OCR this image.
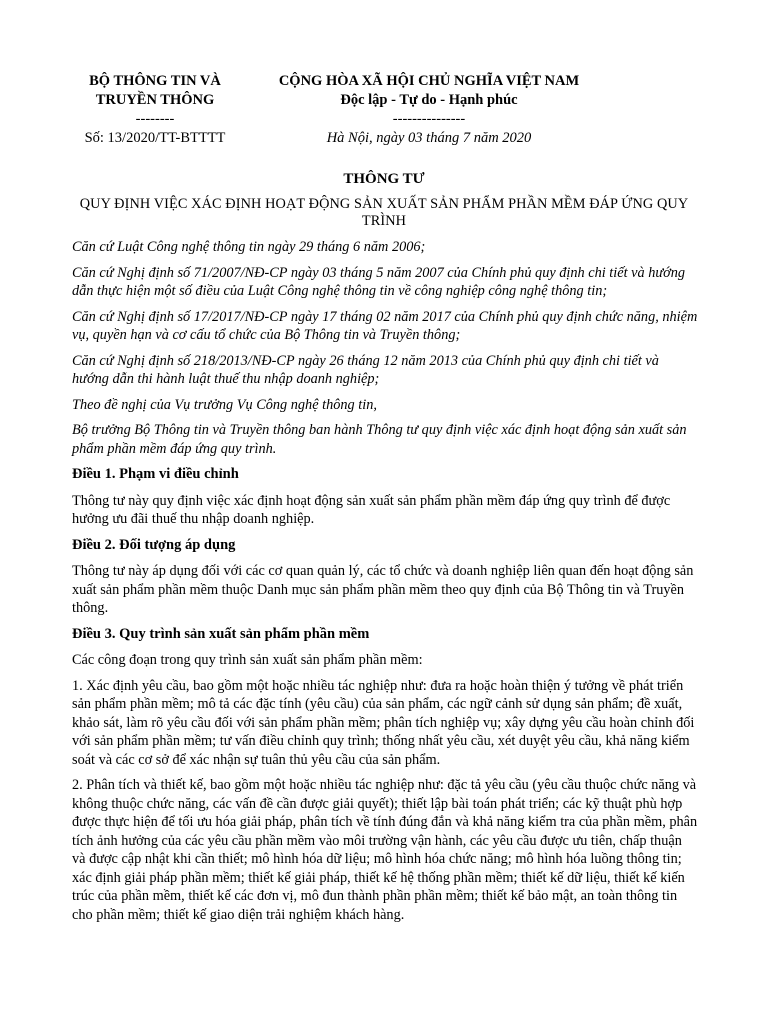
BỘ THÔNG TIN VÀ
TRUYỀN THÔNG
--------
Số: 13/2020/TT-BTTTT
CỘNG HÒA XÃ HỘI CHỦ NGHĨA VIỆT NAM
Độc lập - Tự do - Hạnh phúc
---------------
Hà Nội, ngày 03 tháng 7 năm 2020
THÔNG TƯ
QUY ĐỊNH VIỆC XÁC ĐỊNH HOẠT ĐỘNG SẢN XUẤT SẢN PHẨM PHẦN MỀM ĐÁP ỨNG QUY TRÌNH

Căn cứ Luật Công nghệ thông tin ngày 29 tháng 6 năm 2006;

Căn cứ Nghị định số 71/2007/NĐ-CP ngày 03 tháng 5 năm 2007 của Chính phủ quy định chi tiết và hướng dẫn thực hiện một số điều của Luật Công nghệ thông tin về công nghiệp công nghệ thông tin;

Căn cứ Nghị định số 17/2017/NĐ-CP ngày 17 tháng 02 năm 2017 của Chính phủ quy định chức năng, nhiệm vụ, quyền hạn và cơ cấu tổ chức của Bộ Thông tin và Truyền thông;

Căn cứ Nghị định số 218/2013/NĐ-CP ngày 26 tháng 12 năm 2013 của Chính phủ quy định chi tiết và hướng dẫn thi hành luật thuế thu nhập doanh nghiệp;

Theo đề nghị của Vụ trưởng Vụ Công nghệ thông tin,

Bộ trưởng Bộ Thông tin và Truyền thông ban hành Thông tư quy định việc xác định hoạt động sản xuất sản phẩm phần mềm đáp ứng quy trình.

Điều 1. Phạm vi điều chỉnh

Thông tư này quy định việc xác định hoạt động sản xuất sản phẩm phần mềm đáp ứng quy trình để được hưởng ưu đãi thuế thu nhập doanh nghiệp.

Điều 2. Đối tượng áp dụng

Thông tư này áp dụng đối với các cơ quan quản lý, các tổ chức và doanh nghiệp liên quan đến hoạt động sản xuất sản phẩm phần mềm thuộc Danh mục sản phẩm phần mềm theo quy định của Bộ Thông tin và Truyền thông.

Điều 3. Quy trình sản xuất sản phẩm phần mềm

Các công đoạn trong quy trình sản xuất sản phẩm phần mềm:

1. Xác định yêu cầu, bao gồm một hoặc nhiều tác nghiệp như: đưa ra hoặc hoàn thiện ý tưởng về phát triển sản phẩm phần mềm; mô tả các đặc tính (yêu cầu) của sản phẩm, các ngữ cảnh sử dụng sản phẩm; đề xuất, khảo sát, làm rõ yêu cầu đối với sản phẩm phần mềm; phân tích nghiệp vụ; xây dựng yêu cầu hoàn chỉnh đối với sản phẩm phần mềm; tư vấn điều chỉnh quy trình; thống nhất yêu cầu, xét duyệt yêu cầu, khả năng kiểm soát và các cơ sở để xác nhận sự tuân thủ yêu cầu của sản phẩm.

2. Phân tích và thiết kế, bao gồm một hoặc nhiều tác nghiệp như: đặc tả yêu cầu (yêu cầu thuộc chức năng và không thuộc chức năng, các vấn đề cần được giải quyết); thiết lập bài toán phát triển; các kỹ thuật phù hợp được thực hiện để tối ưu hóa giải pháp, phân tích về tính đúng đắn và khả năng kiểm tra của phần mềm, phân tích ảnh hưởng của các yêu cầu phần mềm vào môi trường vận hành, các yêu cầu được ưu tiên, chấp thuận và được cập nhật khi cần thiết; mô hình hóa dữ liệu; mô hình hóa chức năng; mô hình hóa luồng thông tin; xác định giải pháp phần mềm; thiết kế giải pháp, thiết kế hệ thống phần mềm; thiết kế dữ liệu, thiết kế kiến trúc của phần mềm, thiết kế các đơn vị, mô đun thành phần phần mềm; thiết kế bảo mật, an toàn thông tin cho phần mềm; thiết kế giao diện trải nghiệm khách hàng.
